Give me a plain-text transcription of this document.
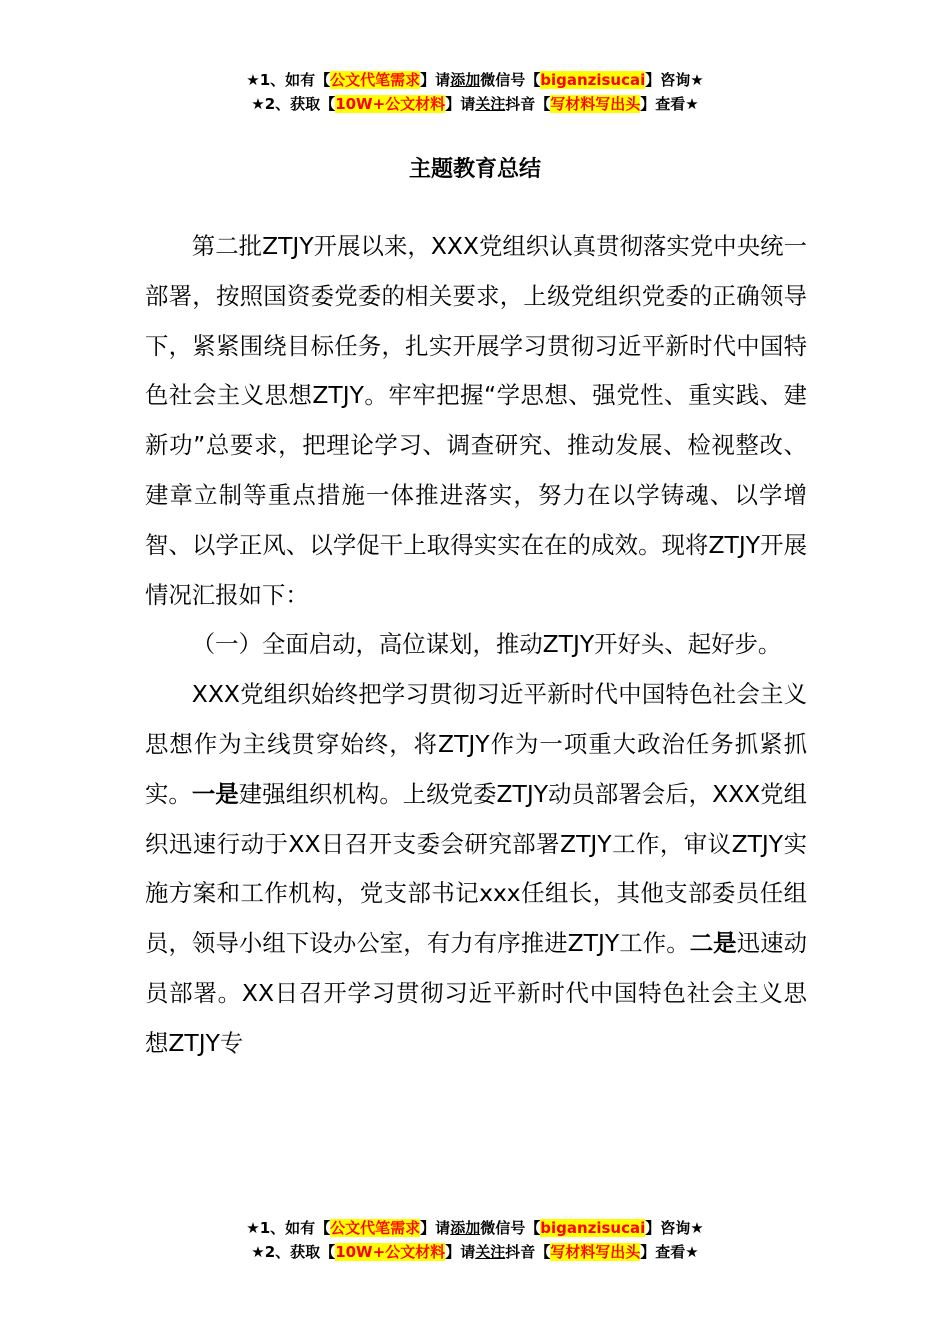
★1、如有【公文代笔需求】请添加微信号【biganzisucai】咨询★
★2、获取【10W+公文材料】请关注抖音【写材料写出头】查看★
主题教育总结

第二批ZTJY开展以来，XXX党组织认真贯彻落实党中央统一部署，按照国资委党委的相关要求，上级党组织党委的正确领导下，紧紧围绕目标任务，扎实开展学习贯彻习近平新时代中国特色社会主义思想ZTJY。牢牢把握“学思想、强党性、重实践、建新功”总要求，把理论学习、调查研究、推动发展、检视整改、建章立制等重点措施一体推进落实，努力在以学铸魂、以学增智、以学正风、以学促干上取得实实在在的成效。现将ZTJY开展情况汇报如下：

（一）全面启动，高位谋划，推动ZTJY开好头、起好步。

XXX党组织始终把学习贯彻习近平新时代中国特色社会主义思想作为主线贯穿始终，将ZTJY作为一项重大政治任务抓紧抓实。一是建强组织机构。上级党委ZTJY动员部署会后，XXX党组织迅速行动于XX日召开支委会研究部署ZTJY工作，审议ZTJY实施方案和工作机构，党支部书记xxx任组长，其他支部委员任组员，领导小组下设办公室，有力有序推进ZTJY工作。二是迅速动员部署。XX日召开学习贯彻习近平新时代中国特色社会主义思想ZTJY专

★1、如有【公文代笔需求】请添加微信号【biganzisucai】咨询★
★2、获取【10W+公文材料】请关注抖音【写材料写出头】查看★
